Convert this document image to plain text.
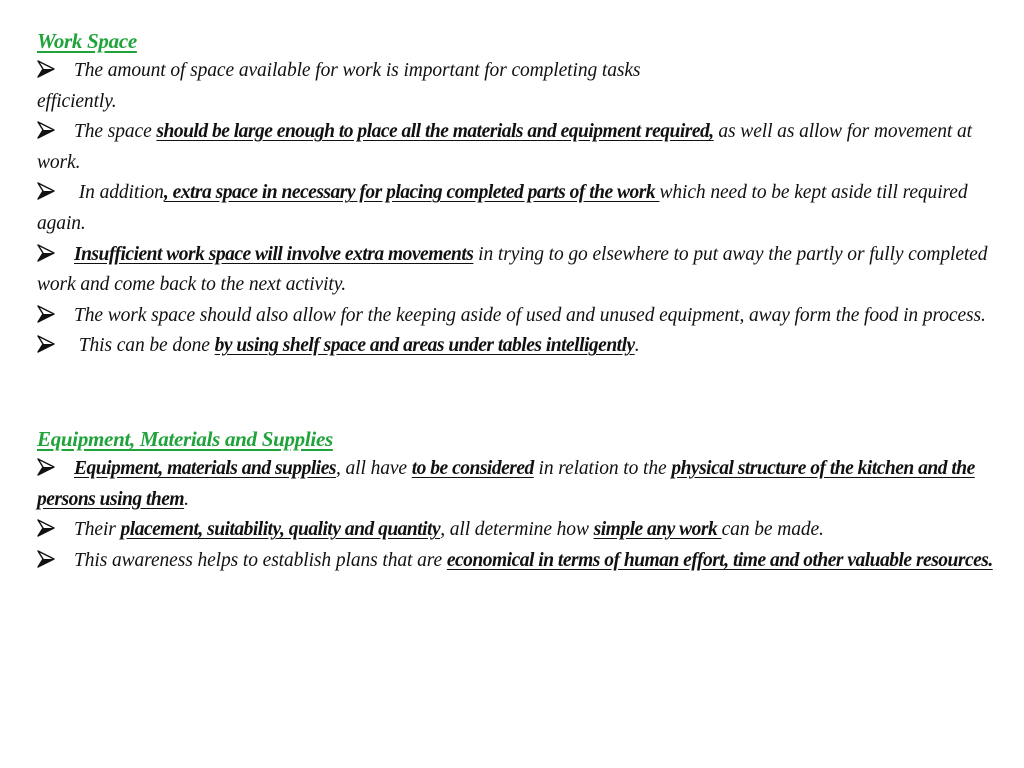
Work Space
The amount of space available for work is important for completing tasks
efficiently.
The space should be large enough to place all the materials and equipment required, as well as allow for movement at work.
In addition, extra space in necessary for placing completed parts of the work which need to be kept aside till required again.
Insufficient work space will involve extra movements in trying to go elsewhere to put away the partly or fully completed work and come back to the next activity.
The work space should also allow for the keeping aside of used and unused equipment, away form the food in process.
This can be done by using shelf space and areas under tables intelligently.
Equipment, Materials and Supplies
Equipment, materials and supplies, all have to be considered in relation to the physical structure of the kitchen and the persons using them.
Their placement, suitability, quality and quantity, all determine how simple any work can be made.
This awareness helps to establish plans that are economical in terms of human effort, time and other valuable resources.
